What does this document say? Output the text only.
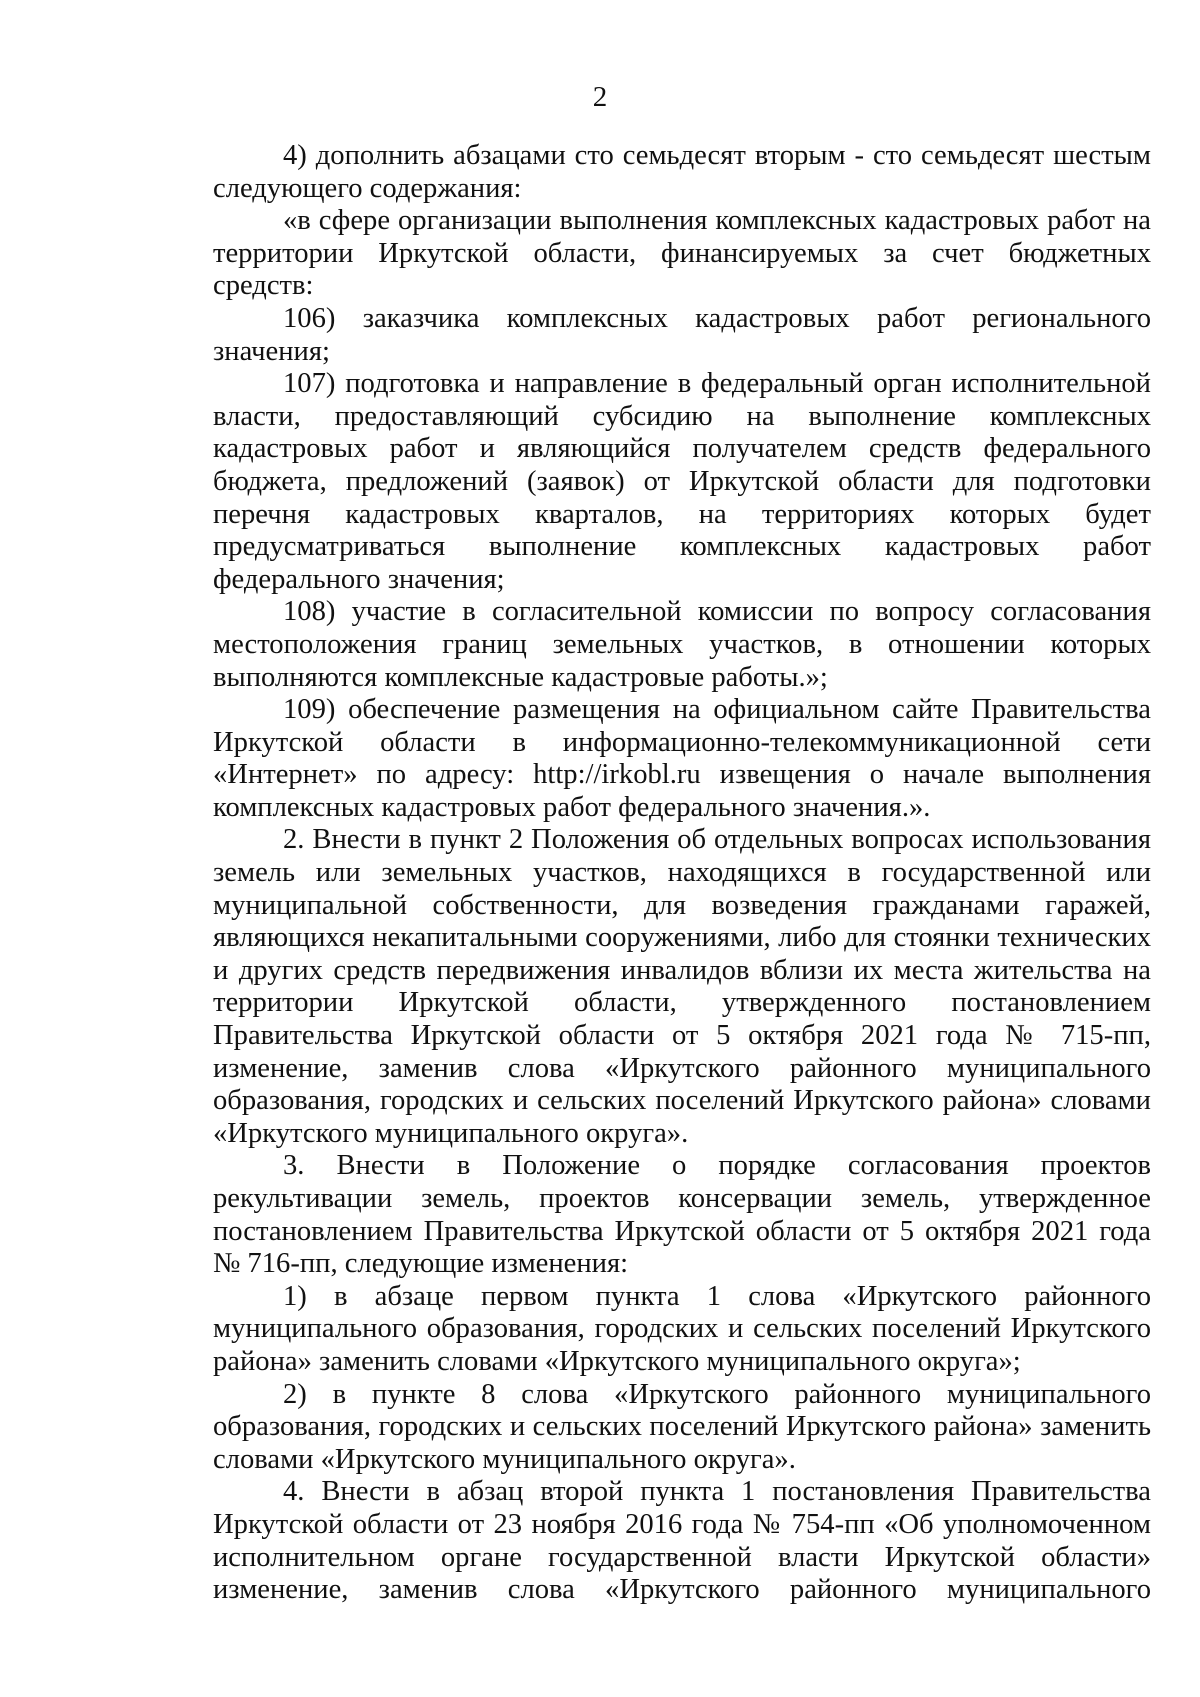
2

4) дополнить абзацами сто семьдесят вторым - сто семьдесят шестым следующего содержания:

«в сфере организации выполнения комплексных кадастровых работ на территории Иркутской области, финансируемых за счет бюджетных средств:

106) заказчика комплексных кадастровых работ регионального значения;

107) подготовка и направление в федеральный орган исполнительной власти, предоставляющий субсидию на выполнение комплексных кадастровых работ и являющийся получателем средств федерального бюджета, предложений (заявок) от Иркутской области для подготовки перечня кадастровых кварталов, на территориях которых будет предусматриваться выполнение комплексных кадастровых работ федерального значения;

108) участие в согласительной комиссии по вопросу согласования местоположения границ земельных участков, в отношении которых выполняются комплексные кадастровые работы.»;

109) обеспечение размещения на официальном сайте Правительства Иркутской области в информационно-телекоммуникационной сети «Интернет» по адресу: http://irkobl.ru извещения о начале выполнения комплексных кадастровых работ федерального значения.».

2. Внести в пункт 2 Положения об отдельных вопросах использования земель или земельных участков, находящихся в государственной или муниципальной собственности, для возведения гражданами гаражей, являющихся некапитальными сооружениями, либо для стоянки технических и других средств передвижения инвалидов вблизи их места жительства на территории Иркутской области, утвержденного постановлением Правительства Иркутской области от 5 октября 2021 года № 715-пп, изменение, заменив слова «Иркутского районного муниципального образования, городских и сельских поселений Иркутского района» словами «Иркутского муниципального округа».

3. Внести в Положение о порядке согласования проектов рекультивации земель, проектов консервации земель, утвержденное постановлением Правительства Иркутской области от 5 октября 2021 года № 716-пп, следующие изменения:

1) в абзаце первом пункта 1 слова «Иркутского районного муниципального образования, городских и сельских поселений Иркутского района» заменить словами «Иркутского муниципального округа»;

2) в пункте 8 слова «Иркутского районного муниципального образования, городских и сельских поселений Иркутского района» заменить словами «Иркутского муниципального округа».

4. Внести в абзац второй пункта 1 постановления Правительства Иркутской области от 23 ноября 2016 года № 754-пп «Об уполномоченном исполнительном органе государственной власти Иркутской области» изменение, заменив слова «Иркутского районного муниципального
